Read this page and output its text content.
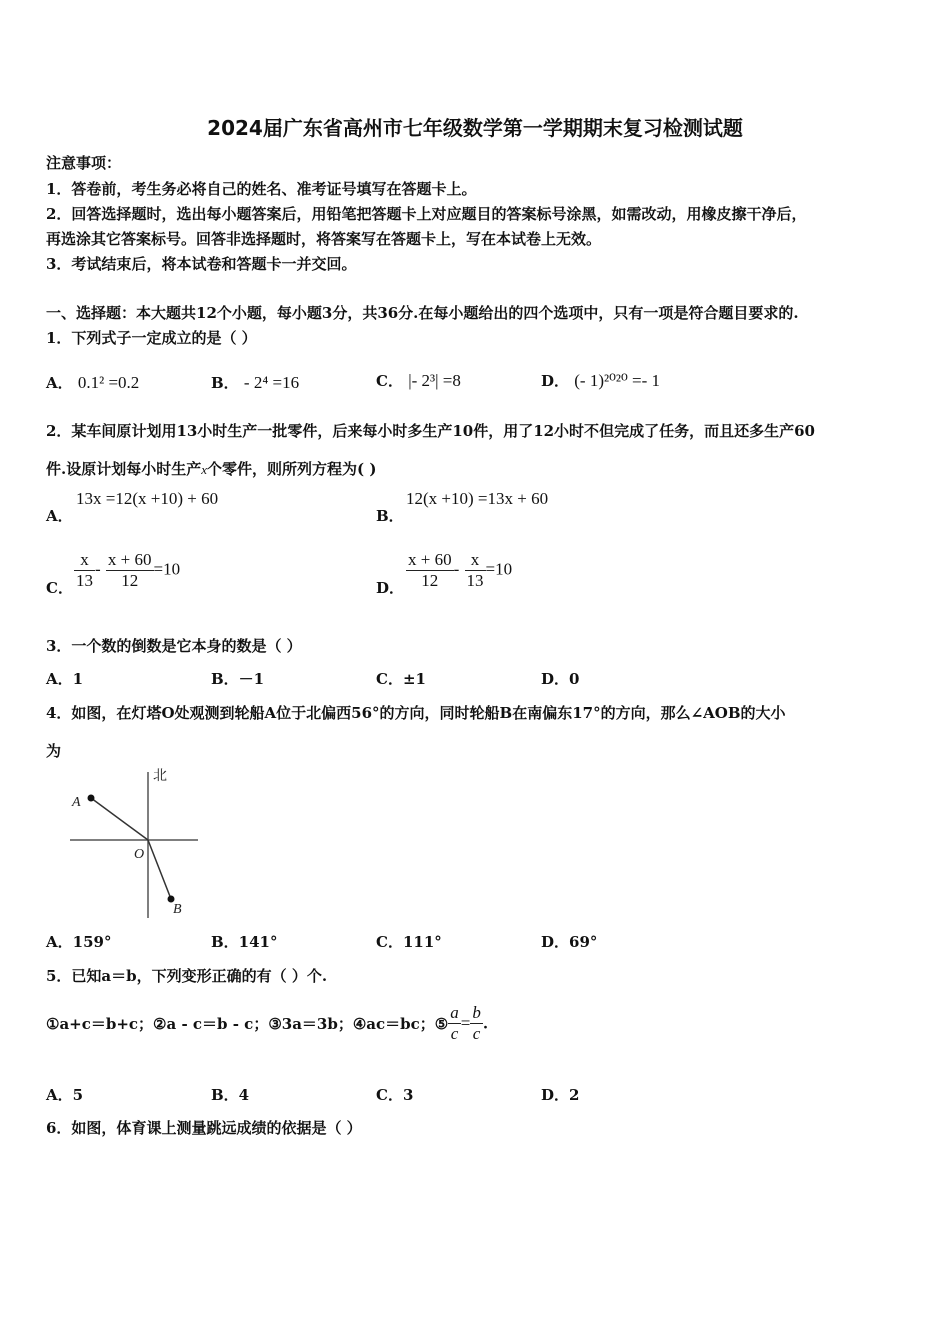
2024届广东省高州市七年级数学第一学期期末复习检测试题
注意事项：
1．答卷前，考生务必将自己的姓名、准考证号填写在答题卡上。
2．回答选择题时，选出每小题答案后，用铅笔把答题卡上对应题目的答案标号涂黑，如需改动，用橡皮擦干净后，
再选涂其它答案标号。回答非选择题时，将答案写在答题卡上，写在本试卷上无效。
3．考试结束后，将本试卷和答题卡一并交回。
一、选择题：本大题共12个小题，每小题3分，共36分.在每小题给出的四个选项中，只有一项是符合题目要求的.
1．下列式子一定成立的是（ ）
A． 0.1² =0.2	B． - 2⁴ =16	C． |- 2³| =8	D． (- 1)²⁰²⁰ =- 1
2．某车间原计划用13小时生产一批零件，后来每小时多生产10件，用了12小时不但完成了任务，而且还多生产60
件.设原计划每小时生产x个零件，则所列方程为( )
A．
13x =12(x +10) + 60
B．
12(x +10) =13x + 60
C． $\frac{x}{13} - \frac{x + 60}{12} =10$
D． $\frac{x + 60}{12} - \frac{x}{13} =10$
3．一个数的倒数是它本身的数是（ ）
A．1	B．－1	C．±1	D．0
4．如图，在灯塔O处观测到轮船A位于北偏西56°的方向，同时轮船B在南偏东17°的方向，那么∠AOB的大小
为
北
A
O
B
A．159°	B．141°	C．111°	D．69°
5．已知a＝b，下列变形正确的有（ ）个.
①a+c＝b+c；②a - c＝b - c；③3a＝3b；④ac＝bc；⑤ $\frac{a}{c} = \frac{b}{c}$ .
A．5	B．4	C．3	D．2
6．如图，体育课上测量跳远成绩的依据是（ ）
